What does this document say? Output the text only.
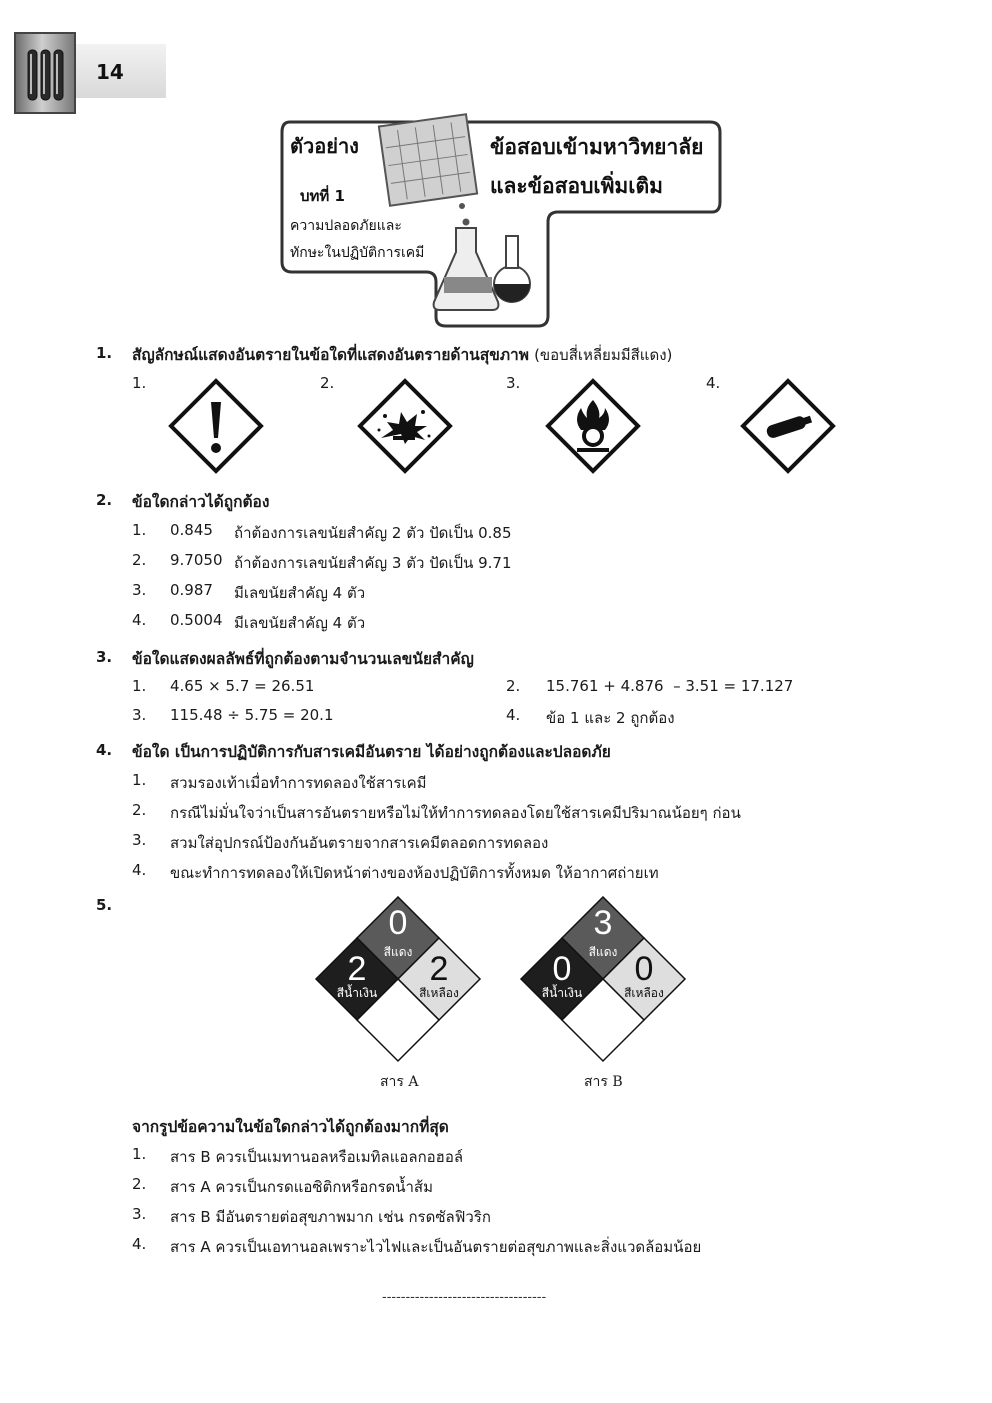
14
ตัวอย่าง
บทที่ 1
ความปลอดภัยและ
ทักษะในปฏิบัติการเคมี
ข้อสอบเข้ามหาวิทยาลัย
และข้อสอบเพิ่มเติม
1. สัญลักษณ์แสดงอันตรายในข้อใดที่แสดงอันตรายด้านสุขภาพ (ขอบสี่เหลี่ยมมีสีแดง)
1.	2.	3.	4.
2. ข้อใดกล่าวได้ถูกต้อง
1. 0.845 ถ้าต้องการเลขนัยสำคัญ 2 ตัว ปัดเป็น 0.85
2. 9.7050 ถ้าต้องการเลขนัยสำคัญ 3 ตัว ปัดเป็น 9.71
3. 0.987 มีเลขนัยสำคัญ 4 ตัว
4. 0.5004 มีเลขนัยสำคัญ 4 ตัว
3. ข้อใดแสดงผลลัพธ์ที่ถูกต้องตามจำนวนเลขนัยสำคัญ
1. 4.65 × 5.7 = 26.51	2. 15.761 + 4.876  – 3.51 = 17.127
3. 115.48 ÷ 5.75 = 20.1	4. ข้อ 1 และ 2 ถูกต้อง
4. ข้อใด เป็นการปฏิบัติการกับสารเคมีอันตราย ได้อย่างถูกต้องและปลอดภัย
1. สวมรองเท้าเมื่อทำการทดลองใช้สารเคมี
2. กรณีไม่มั่นใจว่าเป็นสารอันตรายหรือไม่ให้ทำการทดลองโดยใช้สารเคมีปริมาณน้อยๆ ก่อน
3. สวมใส่อุปกรณ์ป้องกันอันตรายจากสารเคมีตลอดการทดลอง
4. ขณะทำการทดลองให้เปิดหน้าต่างของห้องปฏิบัติการทั้งหมด ให้อากาศถ่ายเท
5.	0
สีแดง
2
สีน้ำเงิน
2
สีเหลือง
สาร A
3
สีแดง
0
สีน้ำเงิน
0
สีเหลือง
สาร B
จากรูปข้อความในข้อใดกล่าวได้ถูกต้องมากที่สุด
1. สาร B ควรเป็นเมทานอลหรือเมทิลแอลกอฮอล์
2. สาร A ควรเป็นกรดแอซิติกหรือกรดน้ำส้ม
3. สาร B มีอันตรายต่อสุขภาพมาก เช่น กรดซัลฟิวริก
4. สาร A ควรเป็นเอทานอลเพราะไวไฟและเป็นอันตรายต่อสุขภาพและสิ่งแวดล้อมน้อย
-----------------------------------
